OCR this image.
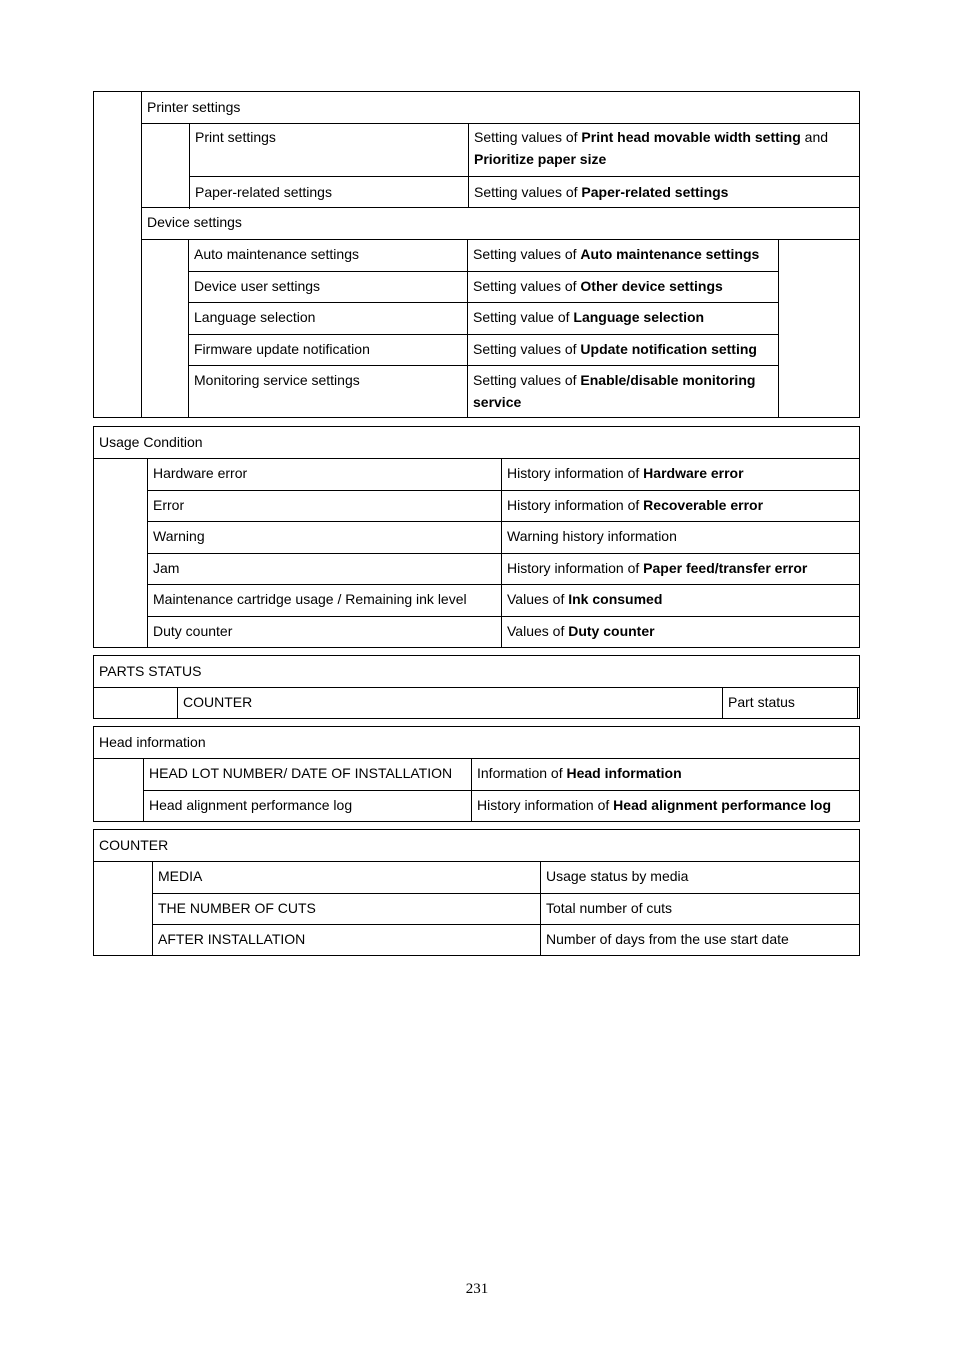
Printer settings
Print settings	Setting values of Print head movable width setting and Prioritize paper size
Paper-related settings	Setting values of Paper-related settings
Device settings
Auto maintenance settings	Setting values of Auto maintenance settings
Device user settings	Setting values of Other device settings
Language selection	Setting value of Language selection
Firmware update notification	Setting values of Update notification setting
Monitoring service settings	Setting values of Enable/disable monitoring
service
Usage Condition
Hardware error	History information of Hardware error
Error	History information of Recoverable error
Warning	Warning history information
Jam	History information of Paper feed/transfer error
Maintenance cartridge usage / Remaining ink level	Values of Ink consumed
Duty counter	Values of Duty counter
PARTS STATUS
COUNTER	Part status
Head information
HEAD LOT NUMBER/ DATE OF INSTALLATION	Information of Head information
Head alignment performance log	History information of Head alignment performance log
COUNTER
MEDIA	Usage status by media
THE NUMBER OF CUTS	Total number of cuts
AFTER INSTALLATION	Number of days from the use start date
231
